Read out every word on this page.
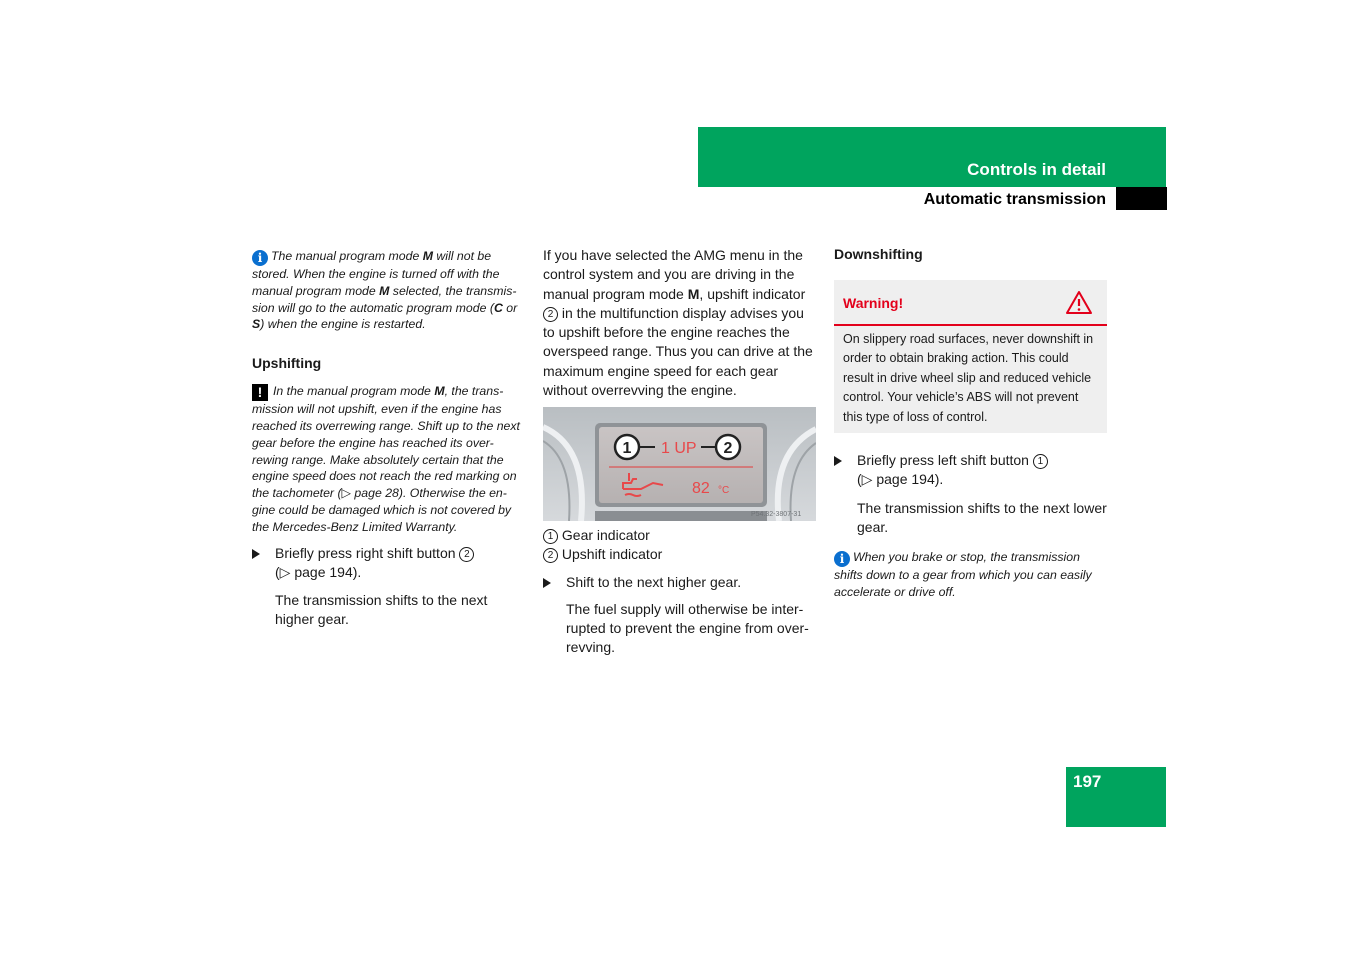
Controls in detail
Automatic transmission
i The manual program mode M will not be stored. When the engine is turned off with the manual program mode M selected, the transmis-sion will go to the automatic program mode (C or S) when the engine is restarted.
Upshifting
! In the manual program mode M, the trans-mission will not upshift, even if the engine has reached its overrewing range. Shift up to the next gear before the engine has reached its over-rewing range. Make absolutely certain that the engine speed does not reach the red marking on the tachometer (▷ page 28). Otherwise the en-gine could be damaged which is not covered by the Mercedes-Benz Limited Warranty.
Briefly press right shift button 2
(▷ page 194).
The transmission shifts to the next higher gear.
If you have selected the AMG menu in the control system and you are driving in the manual program mode M, upshift indicator 2 in the multifunction display advises you to upshift before the engine reaches the overspeed range. Thus you can drive at the maximum engine speed for each gear without overrevving the engine.
1	2
1 UP
82 °C
P54.32-3807-31
1 Gear indicator
2 Upshift indicator
Shift to the next higher gear.
The fuel supply will otherwise be inter-rupted to prevent the engine from over-revving.
Downshifting
Warning!
On slippery road surfaces, never downshift in order to obtain braking action. This could result in drive wheel slip and reduced vehicle control. Your vehicle’s ABS will not prevent this type of loss of control.
Briefly press left shift button 1
(▷ page 194).
The transmission shifts to the next lower gear.
i When you brake or stop, the transmission shifts down to a gear from which you can easily accelerate or drive off.
197
